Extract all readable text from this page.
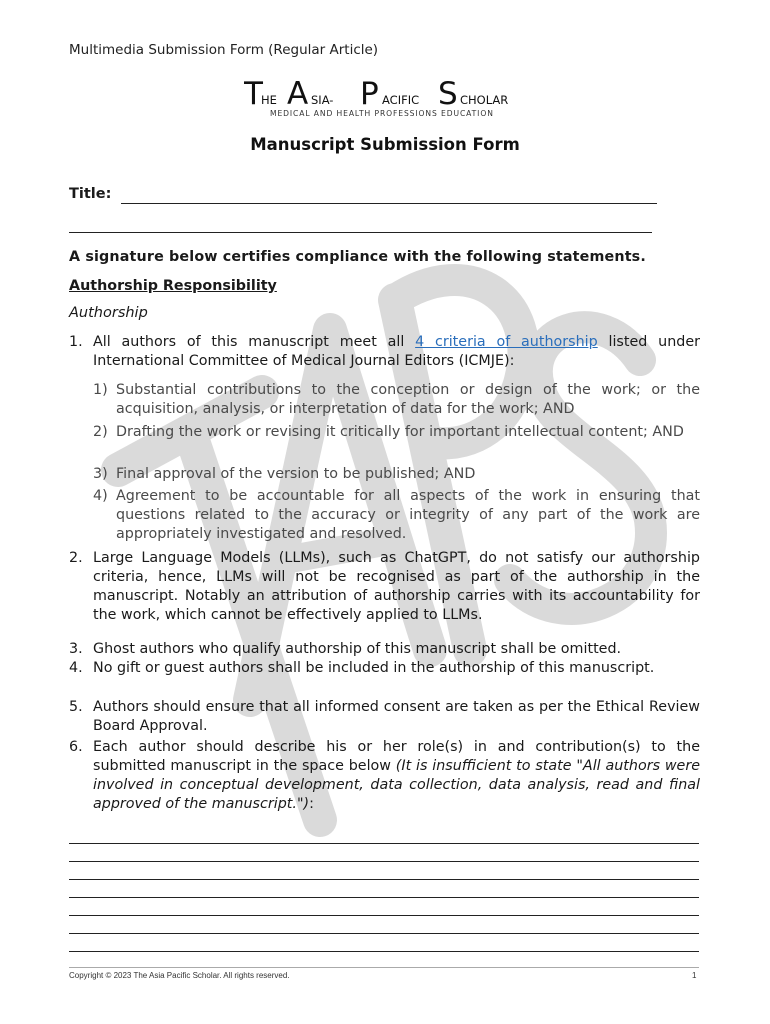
Multimedia Submission Form (Regular Article)
T
HE A SIA- P ACIFIC S CHOLAR
MEDICAL AND HEALTH PROFESSIONS EDUCATION
Manuscript Submission Form
Title:
A signature below certifies compliance with the following statements.
Authorship Responsibility
Authorship
1. All authors of this manuscript meet all 4 criteria of authorship listed under International Committee of Medical Journal Editors (ICMJE):
1) Substantial contributions to the conception or design of the work; or the acquisition, analysis, or interpretation of data for the work; AND
2) Drafting the work or revising it critically for important intellectual content; AND
3) Final approval of the version to be published; AND
4) Agreement to be accountable for all aspects of the work in ensuring that questions related to the accuracy or integrity of any part of the work are appropriately investigated and resolved.
2. Large Language Models (LLMs), such as ChatGPT, do not satisfy our authorship criteria, hence, LLMs will not be recognised as part of the authorship in the manuscript. Notably an attribution of authorship carries with its accountability for the work, which cannot be effectively applied to LLMs.
3. Ghost authors who qualify authorship of this manuscript shall be omitted.
4. No gift or guest authors shall be included in the authorship of this manuscript.
5. Authors should ensure that all informed consent are taken as per the Ethical Review Board Approval.
6. Each author should describe his or her role(s) in and contribution(s) to the submitted manuscript in the space below (It is insufficient to state "All authors were involved in conceptual development, data collection, data analysis, read and final approved of the manuscript."):
Copyright © 2023 The Asia Pacific Scholar. All rights reserved.	1
